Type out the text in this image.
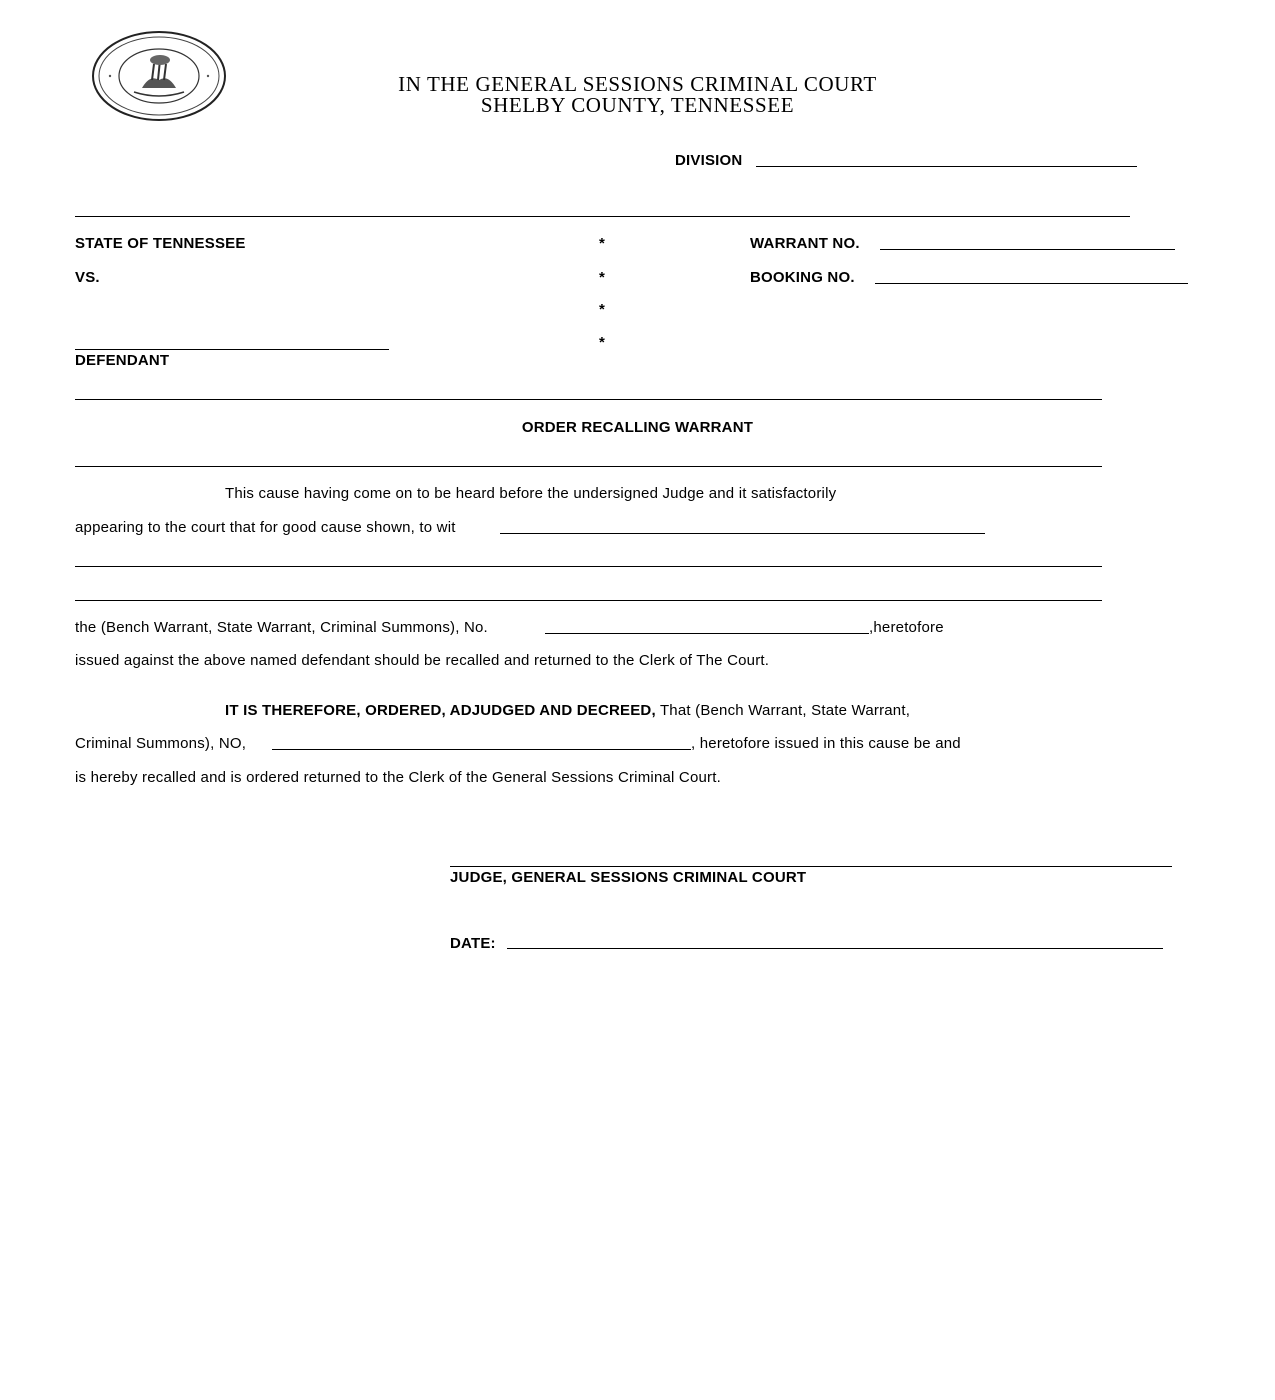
IN THE GENERAL SESSIONS CRIMINAL COURT
SHELBY COUNTY, TENNESSEE
DIVISION
STATE OF TENNESSEE
VS.
DEFENDANT
*
*
*
*
WARRANT NO.
BOOKING NO.
ORDER RECALLING WARRANT
This cause having come on to be heard before the undersigned Judge and it satisfactorily
appearing to the court that for good cause shown, to wit
the (Bench Warrant, State Warrant, Criminal Summons), No.	,heretofore
issued against the above named defendant should be recalled and returned to the Clerk of The Court.
IT IS THEREFORE, ORDERED, ADJUDGED AND DECREED, That (Bench Warrant, State Warrant,
Criminal Summons), NO,	, heretofore issued in this cause be and
is hereby recalled and is ordered returned to the Clerk of the General Sessions Criminal Court.
JUDGE, GENERAL SESSIONS CRIMINAL COURT
DATE:
